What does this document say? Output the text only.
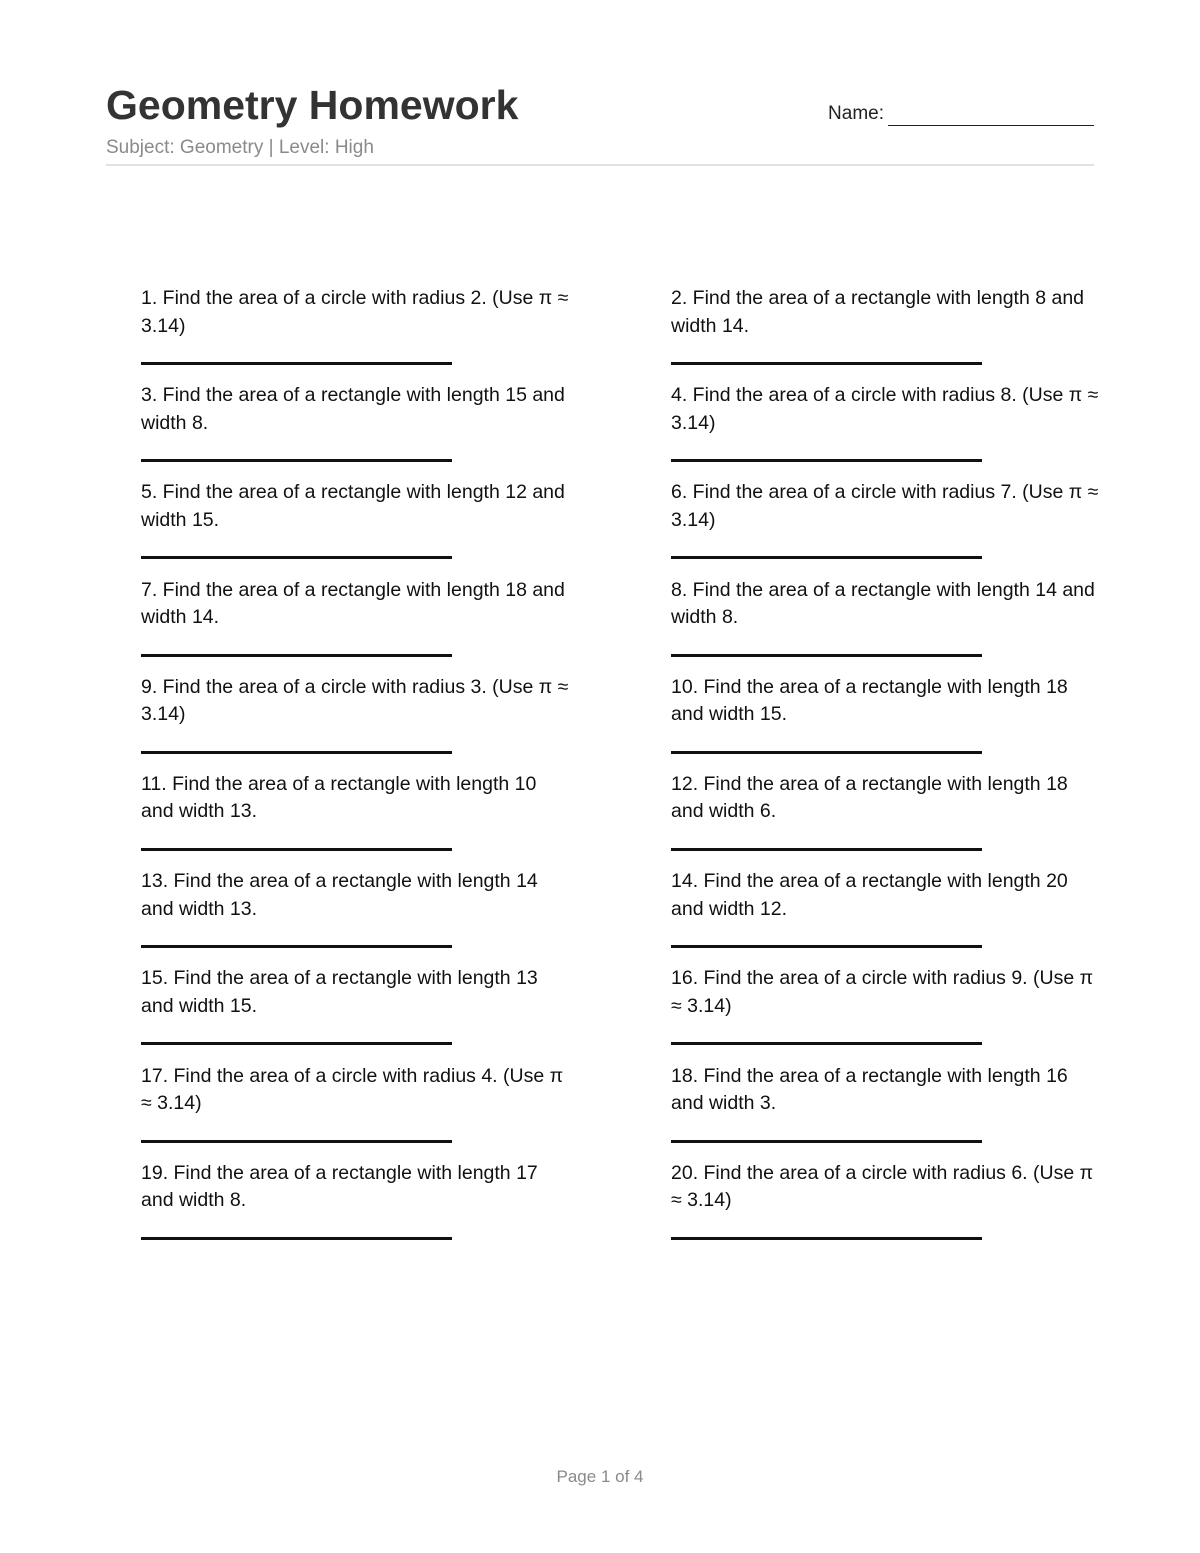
Geometry Homework
Subject: Geometry | Level: High
Name:
1. Find the area of a circle with radius 2. (Use π ≈ 3.14)
2. Find the area of a rectangle with length 8 and width 14.
3. Find the area of a rectangle with length 15 and width 8.
4. Find the area of a circle with radius 8. (Use π ≈ 3.14)
5. Find the area of a rectangle with length 12 and width 15.
6. Find the area of a circle with radius 7. (Use π ≈ 3.14)
7. Find the area of a rectangle with length 18 and width 14.
8. Find the area of a rectangle with length 14 and width 8.
9. Find the area of a circle with radius 3. (Use π ≈ 3.14)
10. Find the area of a rectangle with length 18 and width 15.
11. Find the area of a rectangle with length 10 and width 13.
12. Find the area of a rectangle with length 18 and width 6.
13. Find the area of a rectangle with length 14 and width 13.
14. Find the area of a rectangle with length 20 and width 12.
15. Find the area of a rectangle with length 13 and width 15.
16. Find the area of a circle with radius 9. (Use π ≈ 3.14)
17. Find the area of a circle with radius 4. (Use π ≈ 3.14)
18. Find the area of a rectangle with length 16 and width 3.
19. Find the area of a rectangle with length 17 and width 8.
20. Find the area of a circle with radius 6. (Use π ≈ 3.14)
Page 1 of 4
